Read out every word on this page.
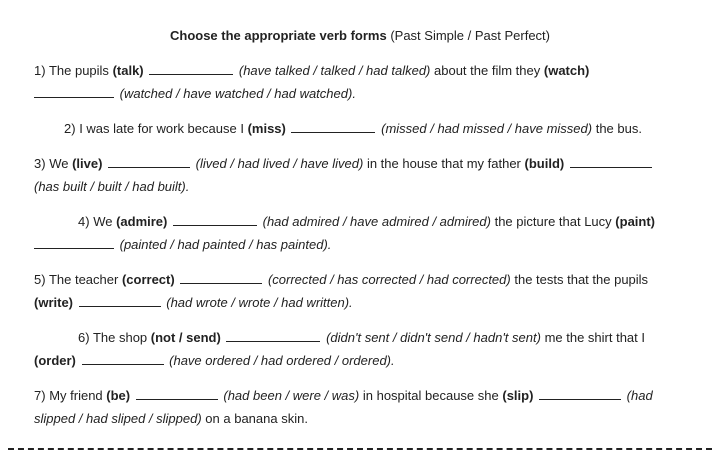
Choose the appropriate verb forms (Past Simple / Past Perfect)
1) The pupils (talk)	(have talked / talked / had talked) about the film they (watch)
(watched / have watched / had watched).
2) I was late for work because I (miss)	(missed / had missed / have missed) the bus.
3) We (live)	(lived / had lived / have lived) in the house that my father (build)
(has built / built / had built).
4) We (admire)	(had admired / have admired / admired) the picture that Lucy (paint)
(painted / had painted / has painted).
5) The teacher (correct)	(corrected / has corrected / had corrected) the tests that the pupils
(write)	(had wrote / wrote / had written).
6) The shop (not / send)	(didn't sent / didn't send / hadn't sent) me the shirt that I
(order)	(have ordered / had ordered / ordered).
7) My friend (be)	(had been / were / was) in hospital because she (slip)	(had
slipped / had sliped / slipped) on a banana skin.
